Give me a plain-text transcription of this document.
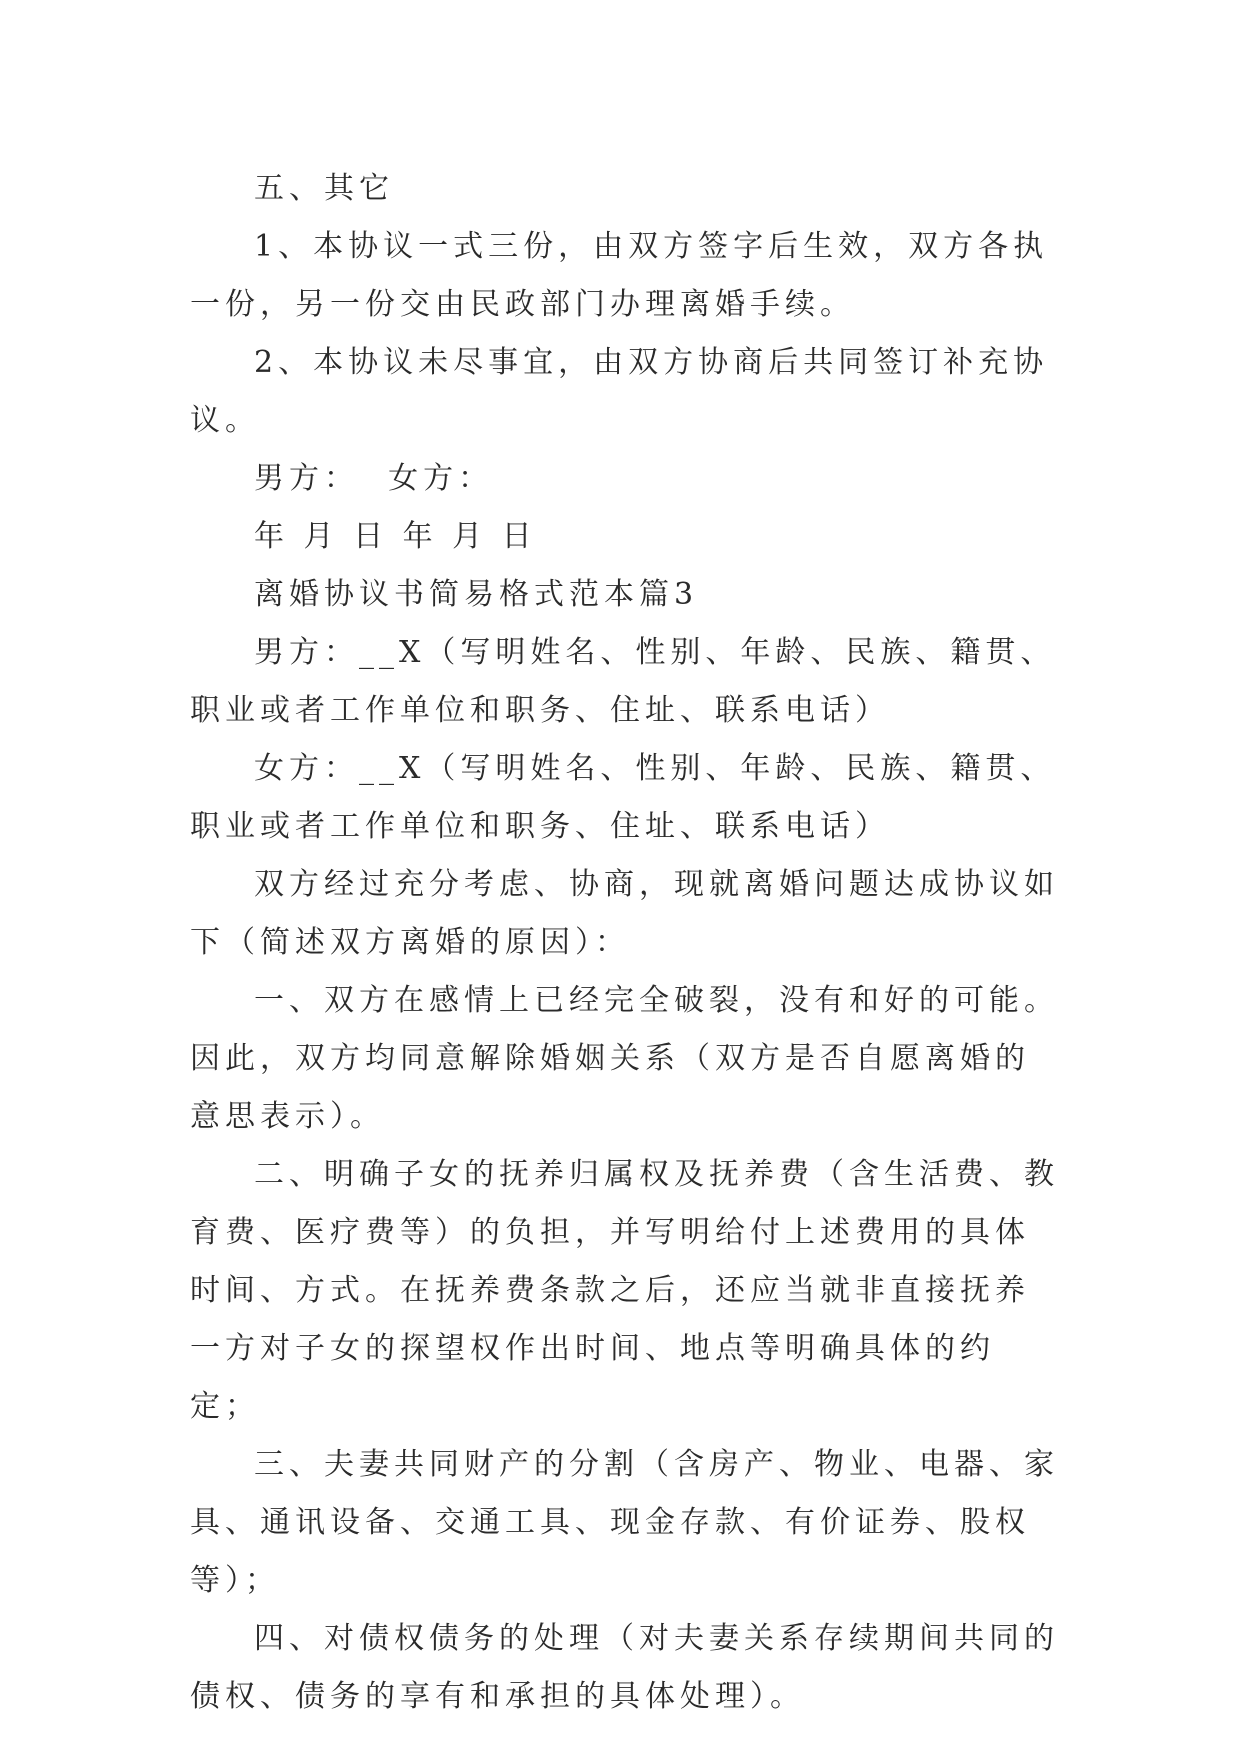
五、其它

1、本协议一式三份，由双方签字后生效，双方各执一份，另一份交由民政部门办理离婚手续。

2、本协议未尽事宜，由双方协商后共同签订补充协议。

男方：  女方：

年 月 日 年 月 日

离婚协议书简易格式范本篇3

男方：__X（写明姓名、性别、年龄、民族、籍贯、职业或者工作单位和职务、住址、联系电话）

女方：__X（写明姓名、性别、年龄、民族、籍贯、职业或者工作单位和职务、住址、联系电话）

双方经过充分考虑、协商，现就离婚问题达成协议如下（简述双方离婚的原因）：

一、双方在感情上已经完全破裂，没有和好的可能。因此，双方均同意解除婚姻关系（双方是否自愿离婚的意思表示）。

二、明确子女的抚养归属权及抚养费（含生活费、教育费、医疗费等）的负担，并写明给付上述费用的具体时间、方式。在抚养费条款之后，还应当就非直接抚养一方对子女的探望权作出时间、地点等明确具体的约定；

三、夫妻共同财产的分割（含房产、物业、电器、家具、通讯设备、交通工具、现金存款、有价证券、股权等）；

四、对债权债务的处理（对夫妻关系存续期间共同的债权、债务的享有和承担的具体处理）。
